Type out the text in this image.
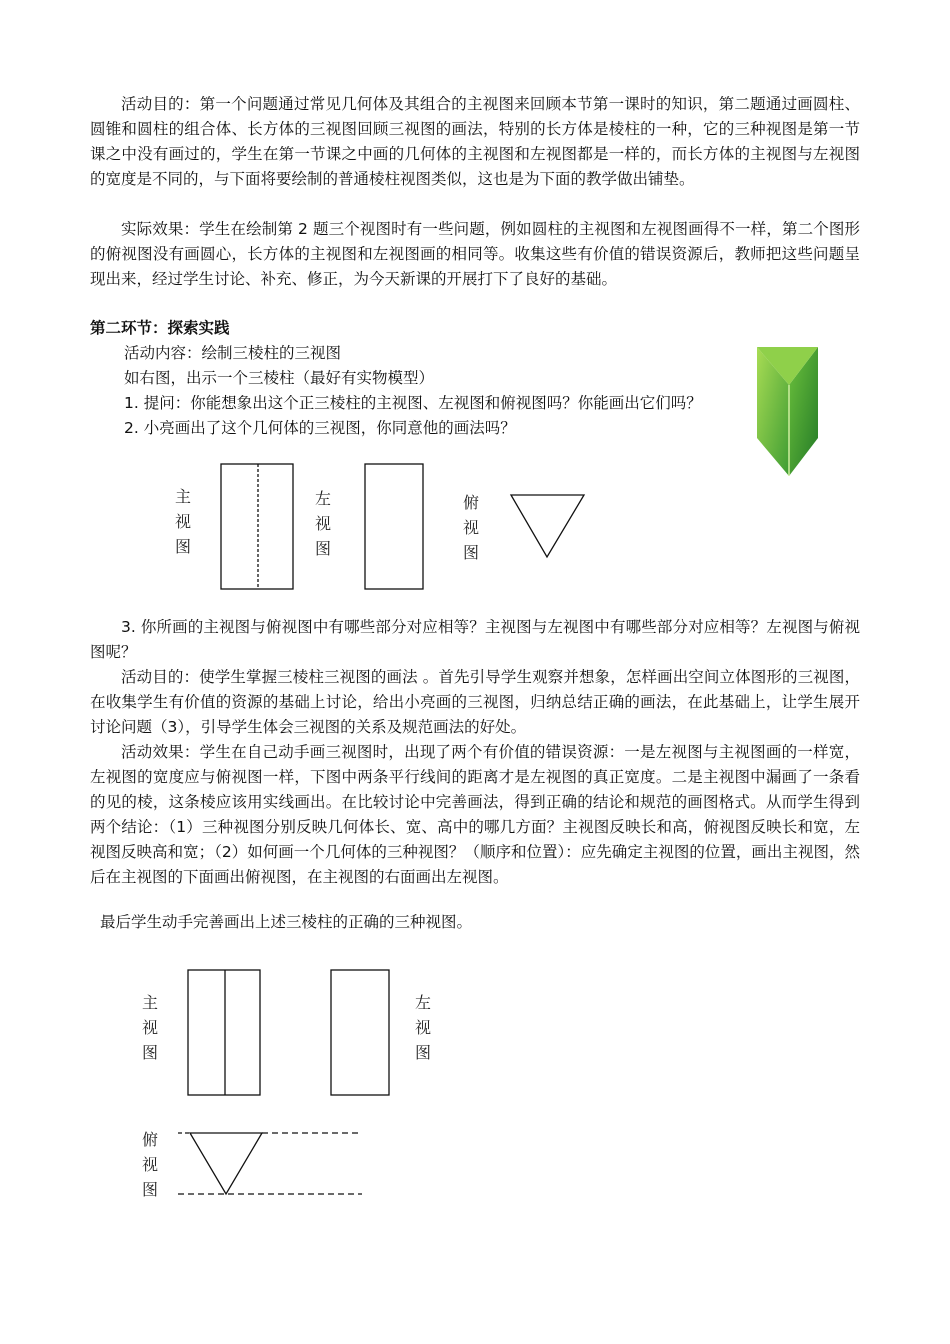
活动目的：第一个问题通过常见几何体及其组合的主视图来回顾本节第一课时的知识，第二题通过画圆柱、圆锥和圆柱的组合体、长方体的三视图回顾三视图的画法，特别的长方体是棱柱的一种，它的三种视图是第一节课之中没有画过的，学生在第一节课之中画的几何体的主视图和左视图都是一样的，而长方体的主视图与左视图的宽度是不同的，与下面将要绘制的普通棱柱视图类似，这也是为下面的教学做出铺垫。

实际效果：学生在绘制第 2 题三个视图时有一些问题，例如圆柱的主视图和左视图画得不一样，第二个图形的俯视图没有画圆心，长方体的主视图和左视图画的相同等。收集这些有价值的错误资源后，教师把这些问题呈现出来，经过学生讨论、补充、修正，为今天新课的开展打下了良好的基础。

第二环节：探索实践

活动内容：绘制三棱柱的三视图

如右图，出示一个三棱柱（最好有实物模型）

1. 提问：你能想象出这个正三棱柱的主视图、左视图和俯视图吗？你能画出它们吗？

2. 小亮画出了这个几何体的三视图，你同意他的画法吗？

主
视
图
左
视
图
俯
视
图

3. 你所画的主视图与俯视图中有哪些部分对应相等？主视图与左视图中有哪些部分对应相等？左视图与俯视图呢？

活动目的：使学生掌握三棱柱三视图的画法 。首先引导学生观察并想象，怎样画出空间立体图形的三视图，在收集学生有价值的资源的基础上讨论，给出小亮画的三视图，归纳总结正确的画法，在此基础上，让学生展开讨论问题（3），引导学生体会三视图的关系及规范画法的好处。

活动效果：学生在自己动手画三视图时，出现了两个有价值的错误资源：一是左视图与主视图画的一样宽，左视图的宽度应与俯视图一样，下图中两条平行线间的距离才是左视图的真正宽度。二是主视图中漏画了一条看的见的棱，这条棱应该用实线画出。在比较讨论中完善画法，得到正确的结论和规范的画图格式。从而学生得到两个结论：（1）三种视图分别反映几何体长、宽、高中的哪几方面？主视图反映长和高，俯视图反映长和宽，左视图反映高和宽；（2）如何画一个几何体的三种视图？（顺序和位置）：应先确定主视图的位置，画出主视图，然后在主视图的下面画出俯视图，在主视图的右面画出左视图。

最后学生动手完善画出上述三棱柱的正确的三种视图。

主
视
图
左
视
图
俯
视
图
